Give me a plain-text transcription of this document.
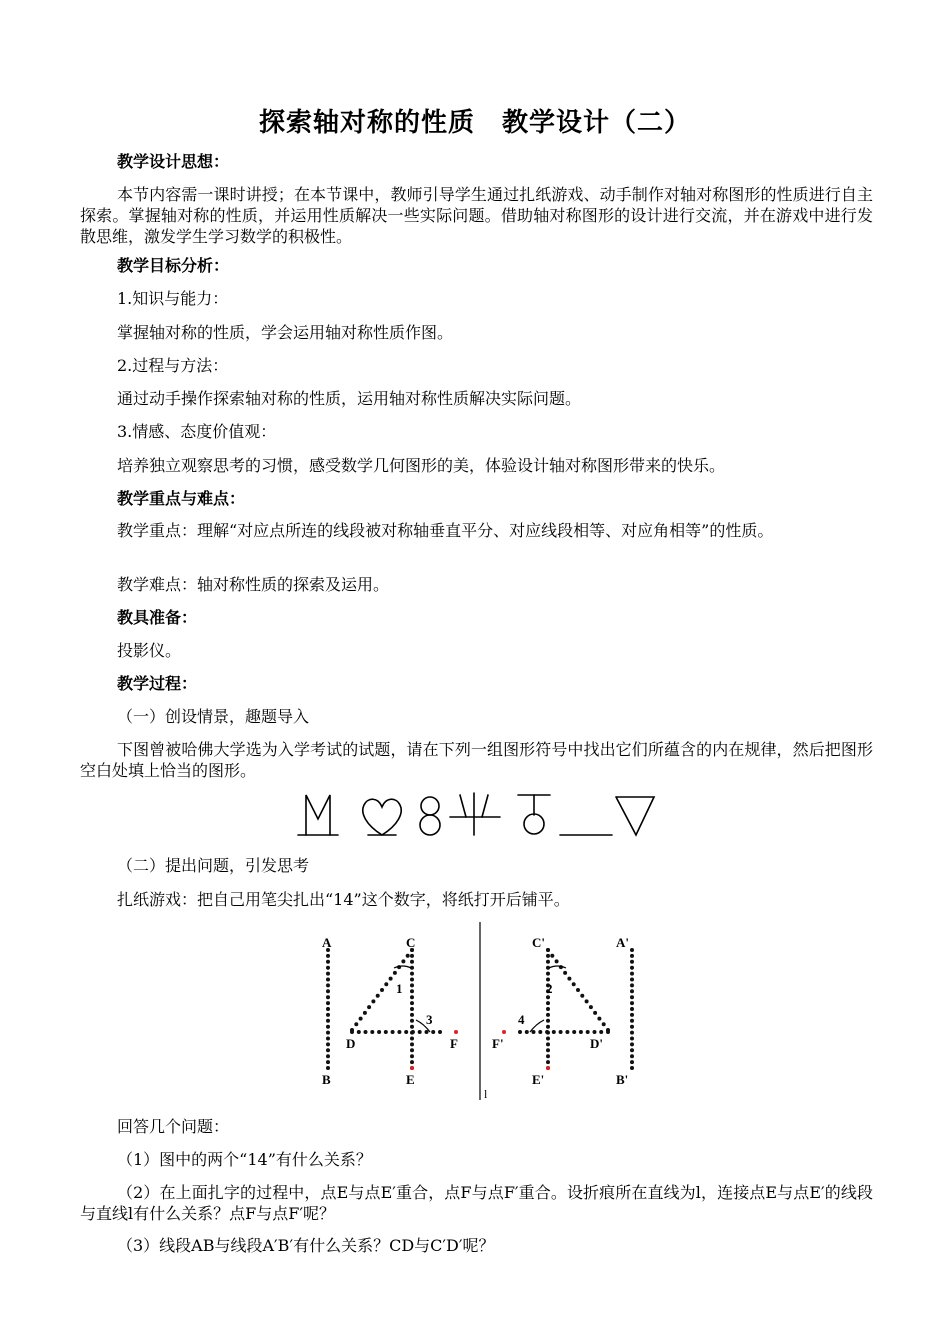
探索轴对称的性质　教学设计（二）
教学设计思想：
本节内容需一课时讲授；在本节课中，教师引导学生通过扎纸游戏、动手制作对轴对称图形的性质进行自主探索。掌握轴对称的性质，并运用性质解决一些实际问题。借助轴对称图形的设计进行交流，并在游戏中进行发散思维，激发学生学习数学的积极性。
教学目标分析：
1.知识与能力：
掌握轴对称的性质，学会运用轴对称性质作图。
2.过程与方法：
通过动手操作探索轴对称的性质，运用轴对称性质解决实际问题。
3.情感、态度价值观：
培养独立观察思考的习惯，感受数学几何图形的美，体验设计轴对称图形带来的快乐。
教学重点与难点：
教学重点：理解“对应点所连的线段被对称轴垂直平分、对应线段相等、对应角相等”的性质。
教学难点：轴对称性质的探索及运用。
教具准备：
投影仪。
教学过程：
（一）创设情景，趣题导入
下图曾被哈佛大学选为入学考试的试题，请在下列一组图形符号中找出它们所蕴含的内在规律，然后把图形空白处填上恰当的图形。
（二）提出问题，引发思考
扎纸游戏：把自己用笔尖扎出“14”这个数字，将纸打开后铺平。
A	C
1
3
D	F
B	E
C'	A'
2
4
F'	D'
E'	B'
l
回答几个问题：
（1）图中的两个“14”有什么关系？
（2）在上面扎字的过程中，点E与点E′重合，点F与点F′重合。设折痕所在直线为l，连接点E与点E′的线段与直线l有什么关系？点F与点F′呢？
（3）线段AB与线段A′B′有什么关系？CD与C′D′呢？
